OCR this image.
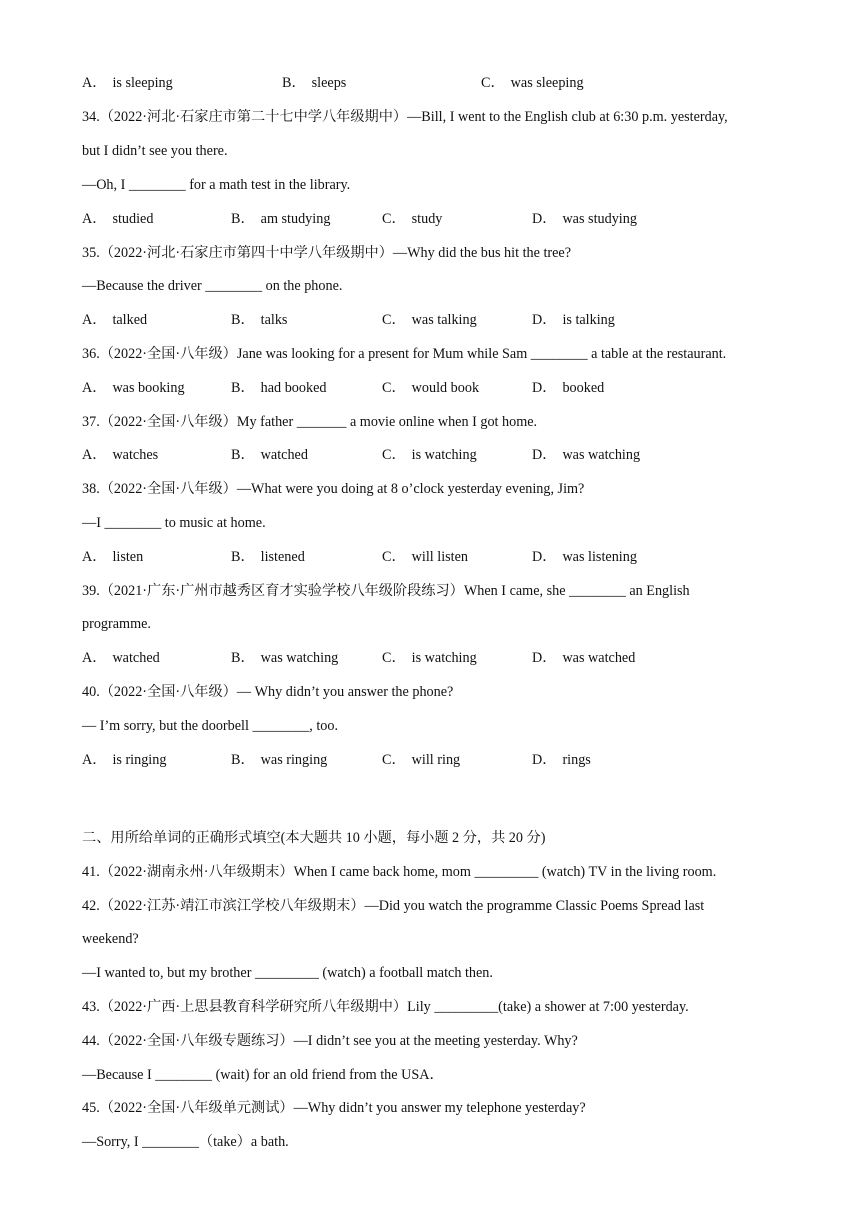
A． is sleeping	B． sleeps	C． was sleeping
34.（2022·河北·石家庄市第二十七中学八年级期中）—Bill, I went to the English club at 6:30 p.m. yesterday,
but I didn’t see you there.
—Oh, I ________ for a math test in the library.
A． studied	B． am studying	C． study	D． was studying
35.（2022·河北·石家庄市第四十中学八年级期中）—Why did the bus hit the tree?
—Because the driver ________ on the phone.
A． talked	B． talks	C． was talking	D． is talking
36.（2022·全国·八年级）Jane was looking for a present for Mum while Sam ________ a table at the restaurant.
A． was booking	B． had booked	C． would book	D． booked
37.（2022·全国·八年级）My father _______ a movie online when I got home.
A． watches	B． watched	C． is watching	D． was watching
38.（2022·全国·八年级）—What were you doing at 8 o’clock yesterday evening, Jim?
—I ________ to music at home.
A． listen	B． listened	C． will listen	D． was listening
39.（2021·广东·广州市越秀区育才实验学校八年级阶段练习）When I came, she ________ an English
programme.
A． watched	B． was watching	C． is watching	D． was watched
40.（2022·全国·八年级）— Why didn’t you answer the phone?
— I’m sorry, but the doorbell ________, too.
A． is ringing	B． was ringing	C． will ring	D． rings
二、用所给单词的正确形式填空(本大题共 10 小题，每小题 2 分，共 20 分)
41.（2022·湖南永州·八年级期末）When I came back home, mom _________ (watch) TV in the living room.
42.（2022·江苏·靖江市滨江学校八年级期末）—Did you watch the programme Classic Poems Spread last
weekend?
—I wanted to, but my brother _________ (watch) a football match then.
43.（2022·广西·上思县教育科学研究所八年级期中）Lily _________(take) a shower at 7:00 yesterday.
44.（2022·全国·八年级专题练习）—I didn’t see you at the meeting yesterday. Why?
—Because I ________ (wait) for an old friend from the USA．
45.（2022·全国·八年级单元测试）—Why didn’t you answer my telephone yesterday?
—Sorry, I ________（take）a bath.
